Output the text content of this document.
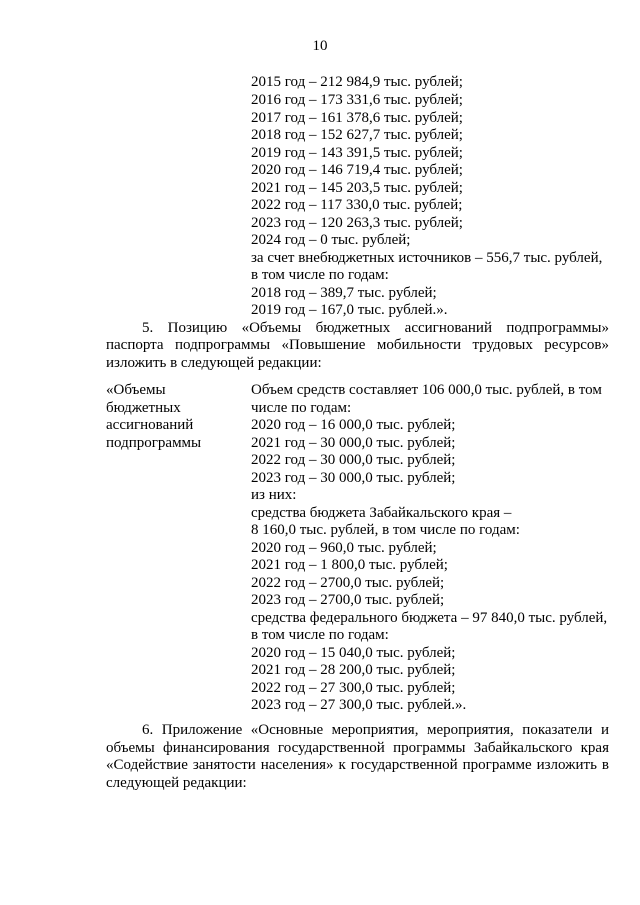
10
2015 год – 212 984,9 тыс. рублей;
2016 год – 173 331,6 тыс. рублей;
2017 год – 161 378,6 тыс. рублей;
2018 год – 152 627,7 тыс. рублей;
2019 год – 143 391,5 тыс. рублей;
2020 год – 146 719,4 тыс. рублей;
2021 год – 145 203,5 тыс. рублей;
2022 год – 117 330,0 тыс. рублей;
2023 год – 120 263,3 тыс. рублей;
2024 год – 0 тыс. рублей;
за счет внебюджетных источников – 556,7 тыс. рублей,
в том числе по годам:
2018 год – 389,7 тыс. рублей;
2019 год – 167,0 тыс. рублей.».
5. Позицию «Объемы бюджетных ассигнований подпрограммы»
паспорта подпрограммы «Повышение мобильности трудовых ресурсов»
изложить в следующей редакции:
«Объемы
бюджетных
ассигнований
подпрограммы
Объем средств составляет 106 000,0 тыс. рублей, в том
числе по годам:
2020 год – 16 000,0 тыс. рублей;
2021 год – 30 000,0 тыс. рублей;
2022 год – 30 000,0 тыс. рублей;
2023 год – 30 000,0 тыс. рублей;
из них:
средства бюджета Забайкальского края –
8 160,0 тыс. рублей, в том числе по годам:
2020 год – 960,0 тыс. рублей;
2021 год – 1 800,0 тыс. рублей;
2022 год – 2700,0 тыс. рублей;
2023 год – 2700,0 тыс. рублей;
средства федерального бюджета – 97 840,0 тыс. рублей,
в том числе по годам:
2020 год – 15 040,0 тыс. рублей;
2021 год – 28 200,0 тыс. рублей;
2022 год – 27 300,0 тыс. рублей;
2023 год – 27 300,0 тыс. рублей.».
6. Приложение «Основные мероприятия, мероприятия, показатели и
объемы финансирования государственной программы Забайкальского края
«Содействие занятости населения» к государственной программе изложить в
следующей редакции:
